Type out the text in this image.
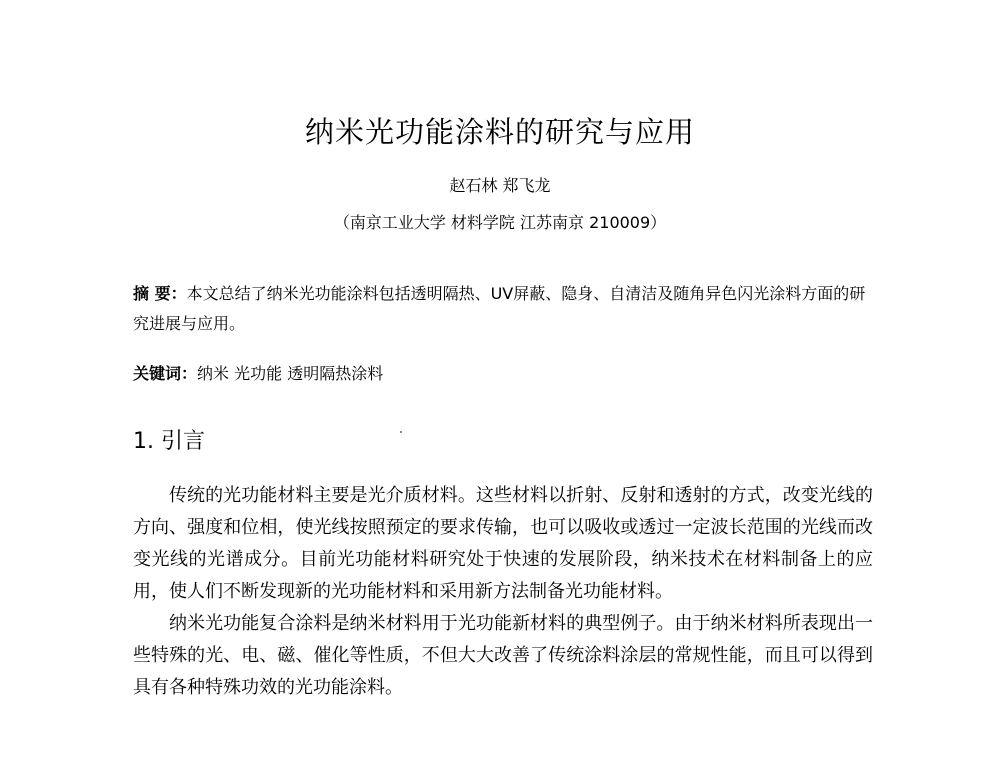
纳米光功能涂料的研究与应用
赵石林 郑飞龙
（南京工业大学 材料学院 江苏南京 210009）
摘 要：本文总结了纳米光功能涂料包括透明隔热、UV屏蔽、隐身、自清洁及随角异色闪光涂料方面的研究进展与应用。
关键词：纳米 光功能 透明隔热涂料
1. 引言

传统的光功能材料主要是光介质材料。这些材料以折射、反射和透射的方式，改变光线的方向、强度和位相，使光线按照预定的要求传输，也可以吸收或透过一定波长范围的光线而改变光线的光谱成分。目前光功能材料研究处于快速的发展阶段，纳米技术在材料制备上的应用，使人们不断发现新的光功能材料和采用新方法制备光功能材料。

纳米光功能复合涂料是纳米材料用于光功能新材料的典型例子。由于纳米材料所表现出一些特殊的光、电、磁、催化等性质，不但大大改善了传统涂料涂层的常规性能，而且可以得到具有各种特殊功效的光功能涂料。
